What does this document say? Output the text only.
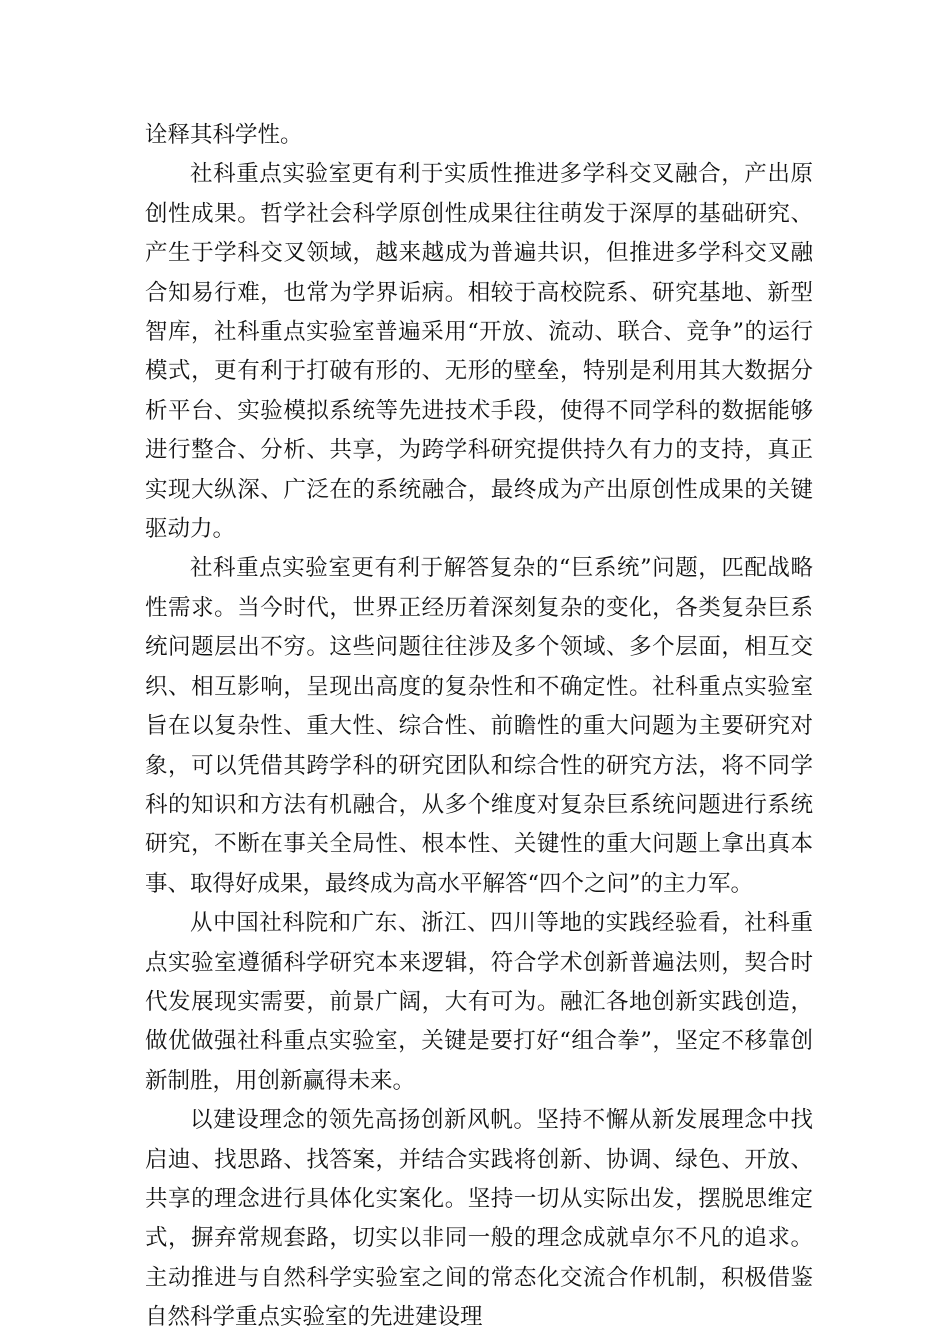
诠释其科学性。

社科重点实验室更有利于实质性推进多学科交叉融合，产出原创性成果。哲学社会科学原创性成果往往萌发于深厚的基础研究、产生于学科交叉领域，越来越成为普遍共识，但推进多学科交叉融合知易行难，也常为学界诟病。相较于高校院系、研究基地、新型智库，社科重点实验室普遍采用“开放、流动、联合、竞争”的运行模式，更有利于打破有形的、无形的壁垒，特别是利用其大数据分析平台、实验模拟系统等先进技术手段，使得不同学科的数据能够进行整合、分析、共享，为跨学科研究提供持久有力的支持，真正实现大纵深、广泛在的系统融合，最终成为产出原创性成果的关键驱动力。

社科重点实验室更有利于解答复杂的“巨系统”问题，匹配战略性需求。当今时代，世界正经历着深刻复杂的变化，各类复杂巨系统问题层出不穷。这些问题往往涉及多个领域、多个层面，相互交织、相互影响，呈现出高度的复杂性和不确定性。社科重点实验室旨在以复杂性、重大性、综合性、前瞻性的重大问题为主要研究对象，可以凭借其跨学科的研究团队和综合性的研究方法，将不同学科的知识和方法有机融合，从多个维度对复杂巨系统问题进行系统研究，不断在事关全局性、根本性、关键性的重大问题上拿出真本事、取得好成果，最终成为高水平解答“四个之问”的主力军。

从中国社科院和广东、浙江、四川等地的实践经验看，社科重点实验室遵循科学研究本来逻辑，符合学术创新普遍法则，契合时代发展现实需要，前景广阔，大有可为。融汇各地创新实践创造，做优做强社科重点实验室，关键是要打好“组合拳”，坚定不移靠创新制胜，用创新赢得未来。

以建设理念的领先高扬创新风帆。坚持不懈从新发展理念中找启迪、找思路、找答案，并结合实践将创新、协调、绿色、开放、共享的理念进行具体化实案化。坚持一切从实际出发，摆脱思维定式，摒弃常规套路，切实以非同一般的理念成就卓尔不凡的追求。主动推进与自然科学实验室之间的常态化交流合作机制，积极借鉴自然科学重点实验室的先进建设理
